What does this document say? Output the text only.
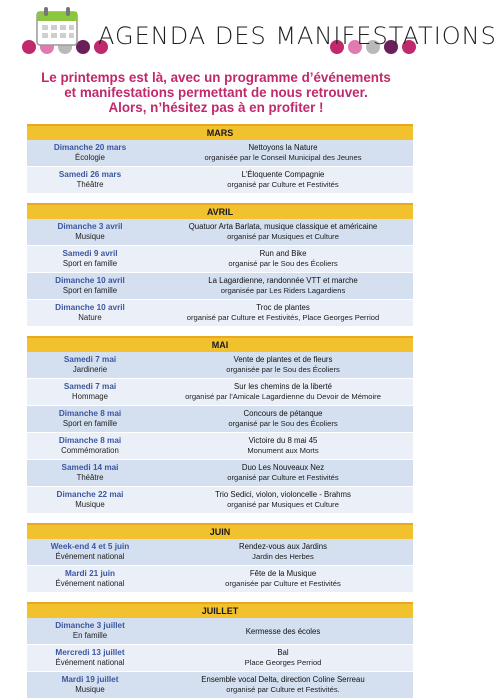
AGENDA DES MANIFESTATIONS
Le printemps est là, avec un programme d’événements
et manifestations permettant de nous retrouver.
Alors, n’hésitez pas à en profiter !
MARS
Dimanche 20 mars
Écologie
Nettoyons la Nature
organisée par le Conseil Municipal des Jeunes
Samedi 26 mars
Théâtre
L’Éloquente Compagnie
organisé par Culture et Festivités
AVRIL
Dimanche 3 avril
Musique
Quatuor Arta Barlata, musique classique et américaine
organisé par Musiques et Culture
Samedi 9 avril
Sport en famille
Run and Bike
organisé par le Sou des Écoliers
Dimanche 10 avril
Sport en famille
La Lagardienne, randonnée VTT et marche
organisée par Les Riders Lagardiens
Dimanche 10 avril
Nature
Troc de plantes
organisé par Culture et Festivités, Place Georges Perriod
MAI
Samedi 7 mai
Jardinerie
Vente de plantes et de fleurs
organisée par le Sou des Écoliers
Samedi 7 mai
Hommage
Sur les chemins de la liberté
organisé par l’Amicale Lagardienne du Devoir de Mémoire
Dimanche 8 mai
Sport en famille
Concours de pétanque
organisé par le Sou des Écoliers
Dimanche 8 mai
Commémoration
Victoire du 8 mai 45
Monument aux Morts
Samedi 14 mai
Théâtre
Duo Les Nouveaux Nez
organisé par Culture et Festivités
Dimanche 22 mai
Musique
Trio Sedici, violon, violoncelle - Brahms
organisé par Musiques et Culture
JUIN
Week-end 4 et 5 juin
Événement national
Rendez-vous aux Jardins
Jardin des Herbes
Mardi 21 juin
Événement national
Fête de la Musique
organisée par Culture et Festivités
JUILLET
Dimanche 3 juillet
En famille	Kermesse des écoles
Mercredi 13 juillet
Événement national
Bal
Place Georges Perriod
Mardi 19 juillet
Musique
Ensemble vocal Delta, direction Coline Serreau
organisé par Culture et Festivités.
